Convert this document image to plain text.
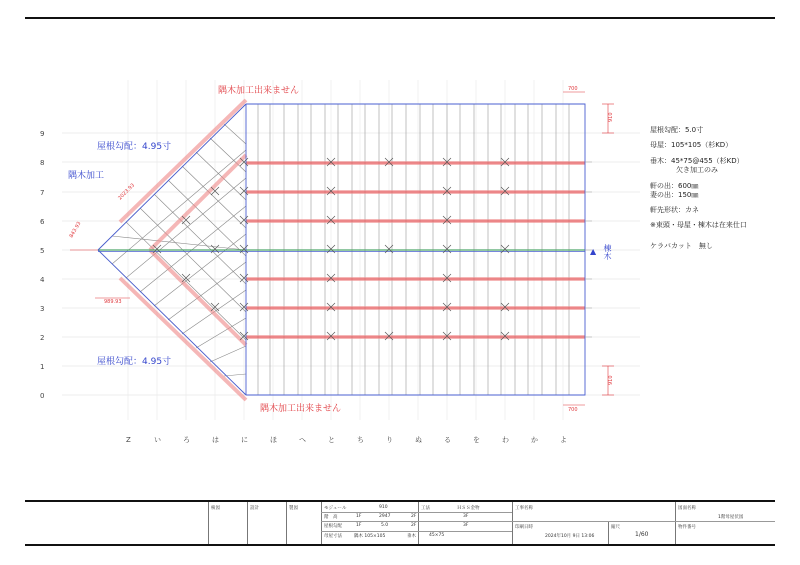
9
8
7
6
5
4
3
2
1
0
Z	い	ろ	は	に	ほ	へ	と	ち	り	ぬ	る	を	わ	か	よ
700
910
910
700
2023.93
989.93
843.93
▲
隅木加工出来ません
隅木加工出来ません
屋根勾配：4.95寸
隅木加工
屋根勾配：4.95寸
棟木
屋根勾配：5.0寸
母屋：105*105（杉KD）
垂木：45*75@455（杉KD）
欠き加工のみ
軒の出：600㎜
妻の出：150㎜
軒先形状：カネ
※束頭・母屋・棟木は在来仕口
ケラバカット　無し
検図	設計	製図	モジュール	910	工法	ＨＳＳ金物
階　高	1F	2947	2F	3F
屋根勾配	1F	5.0	2F	3F
母屋寸法	隅木 105×105	垂木	45×75
工事名称
印刷日時
2024年10月 9日 13:06
縮尺
1/60
図面名称
1階母屋伏図
物件番号
